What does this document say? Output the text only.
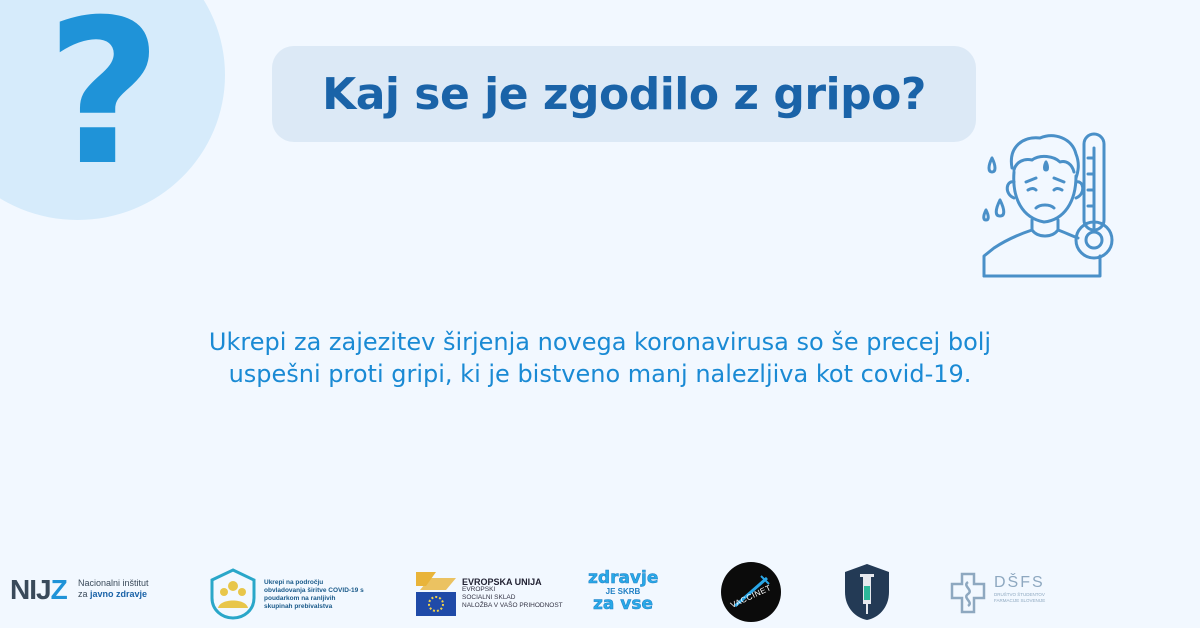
?	Kaj se je zgodilo z gripo?
Ukrepi za zajezitev širjenja novega koronavirusa so še precej bolj uspešni proti gripi, ki je bistveno manj nalezljiva kot covid-19.
NIJZ Nacionalni inštitut
za javno zdravje
Ukrepi na področju obvladovanja širitve COVID-19 s poudarkom na ranljivih skupinah prebivalstva
EVROPSKA UNIJA
EVROPSKI
SOCIALNI SKLAD
NALOŽBA V VAŠO PRIHODNOST
zdravje
JE SKRB
za vse	VACCINET
DŠFS
DRUŠTVO ŠTUDENTOV
FARMACIJE SLOVENIJE
